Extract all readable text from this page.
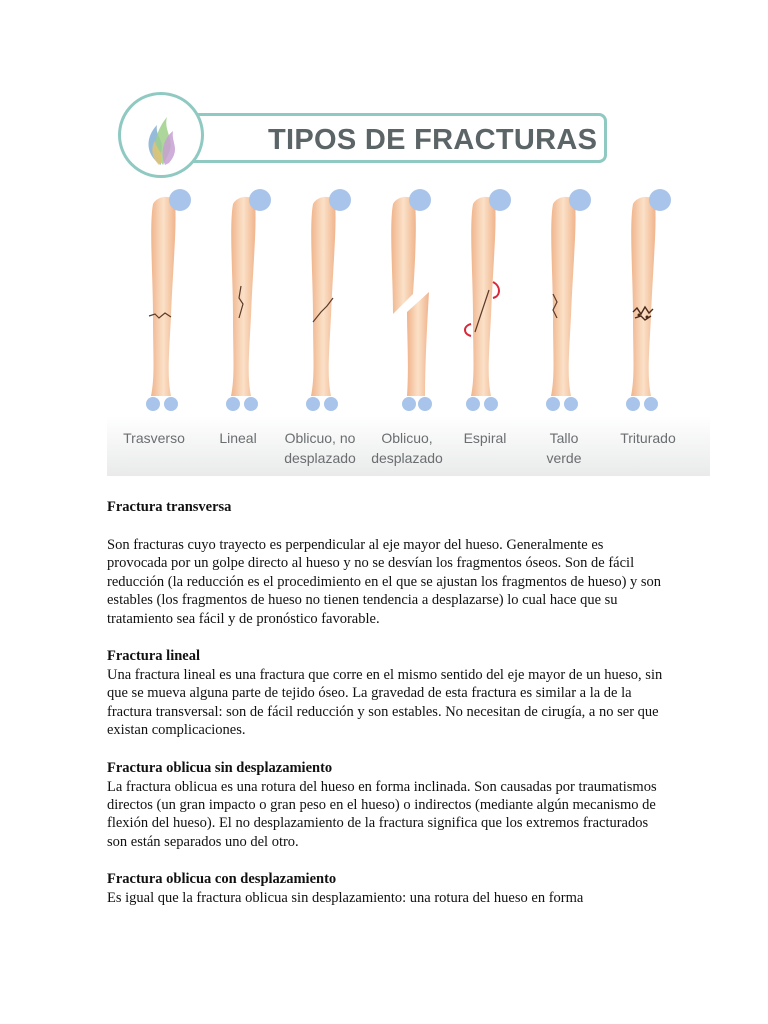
TIPOS DE FRACTURAS
Trasverso	Lineal	Oblicuo, no
desplazado
Oblicuo,
desplazado
Espiral	Tallo
verde
Triturado
Fractura transversa

Son fracturas cuyo trayecto es perpendicular al eje mayor del hueso. Generalmente es provocada por un golpe directo al hueso y no se desvían los fragmentos óseos. Son de fácil reducción (la reducción es el procedimiento en el que se ajustan los fragmentos de hueso) y son estables (los fragmentos de hueso no tienen tendencia a desplazarse) lo cual hace que su tratamiento sea fácil y de pronóstico favorable.

Fractura lineal

Una fractura lineal es una fractura que corre en el mismo sentido del eje mayor de un hueso, sin que se mueva alguna parte de tejido óseo. La gravedad de esta fractura es similar a la de la fractura transversal: son de fácil reducción y son estables. No necesitan de cirugía, a no ser que existan complicaciones.

Fractura oblicua sin desplazamiento

La fractura oblicua es una rotura del hueso en forma inclinada. Son causadas por traumatismos directos (un gran impacto o gran peso en el hueso) o indirectos (mediante algún mecanismo de flexión del hueso). El no desplazamiento de la fractura significa que los extremos fracturados son están separados uno del otro.

Fractura oblicua con desplazamiento

Es igual que la fractura oblicua sin desplazamiento: una rotura del hueso en forma
